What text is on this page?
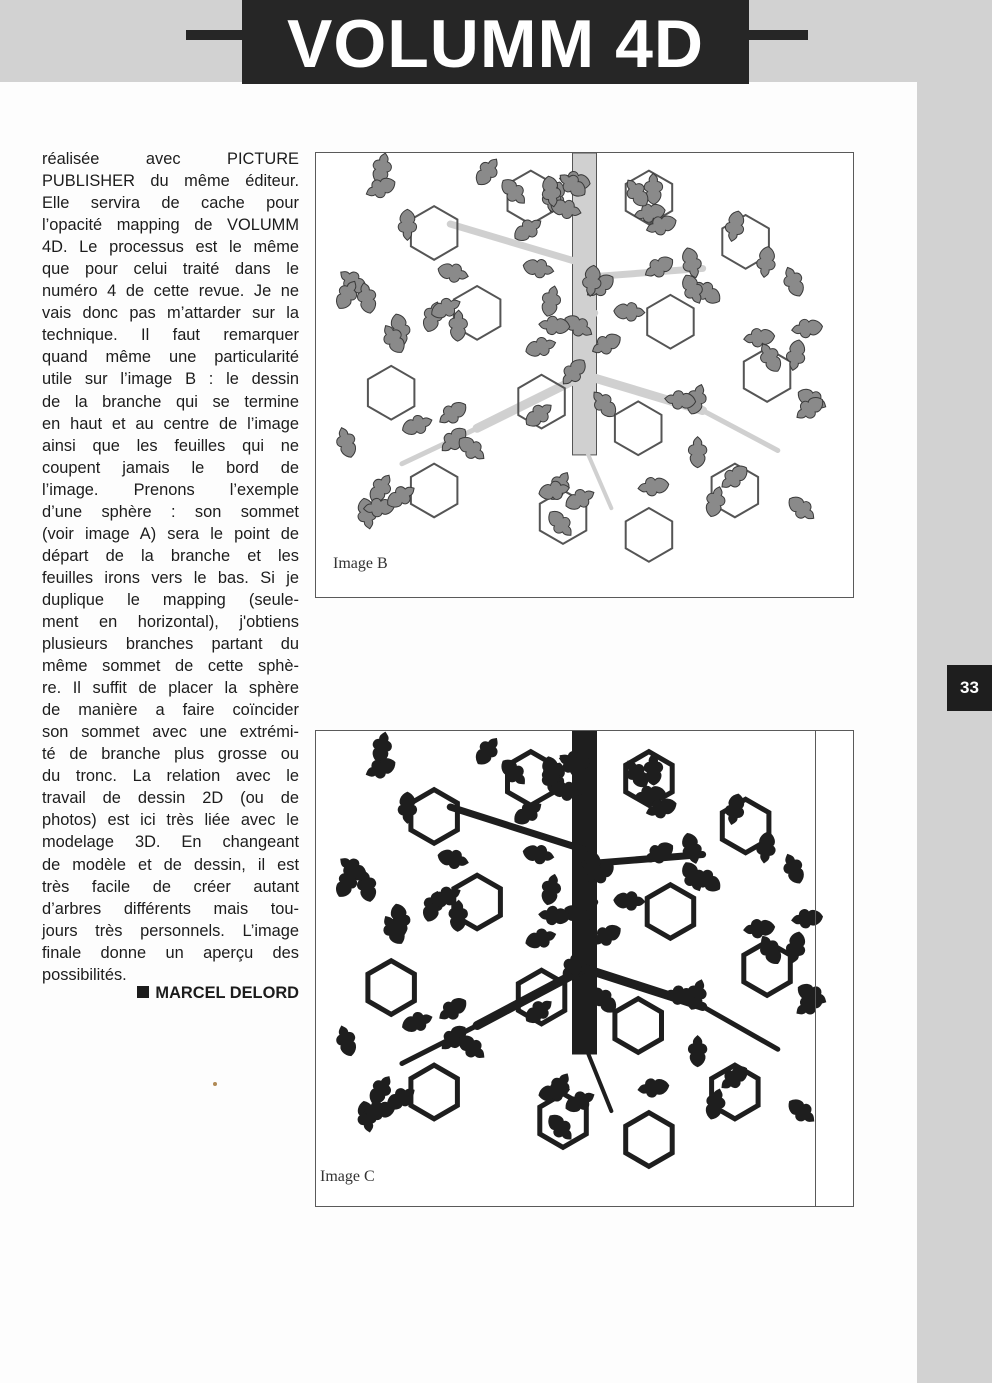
VOLUMM 4D
33

réalisée avec PICTURE
PUBLISHER du même éditeur.
Elle servira de cache pour
l’opacité mapping de VOLUMM
4D. Le processus est le même
que pour celui traité dans le
numéro 4 de cette revue. Je ne
vais donc pas m’attarder sur la
technique. Il faut remarquer
quand même une particularité
utile sur l’image B : le dessin
de la branche qui se termine
en haut et au centre de l’image
ainsi que les feuilles qui ne
coupent jamais le bord de
l’image. Prenons l’exemple
d’une sphère : son sommet
(voir image A) sera le point de
départ de la branche et les
feuilles irons vers le bas. Si je
duplique le mapping (seule-
ment en horizontal), j'obtiens
plusieurs branches partant du
même sommet de cette sphè-
re. Il suffit de placer la sphère
de manière a faire coïncider
son sommet avec une extrémi-
té de branche plus grosse ou
du tronc. La relation avec le
travail de dessin 2D (ou de
photos) est ici très liée avec le
modelage 3D. En changeant
de modèle et de dessin, il est
très facile de créer autant
d’arbres différents mais tou-
jours très personnels. L’image
finale donne un aperçu des

possibilités.

MARCEL DELORD
Image B
Image C
